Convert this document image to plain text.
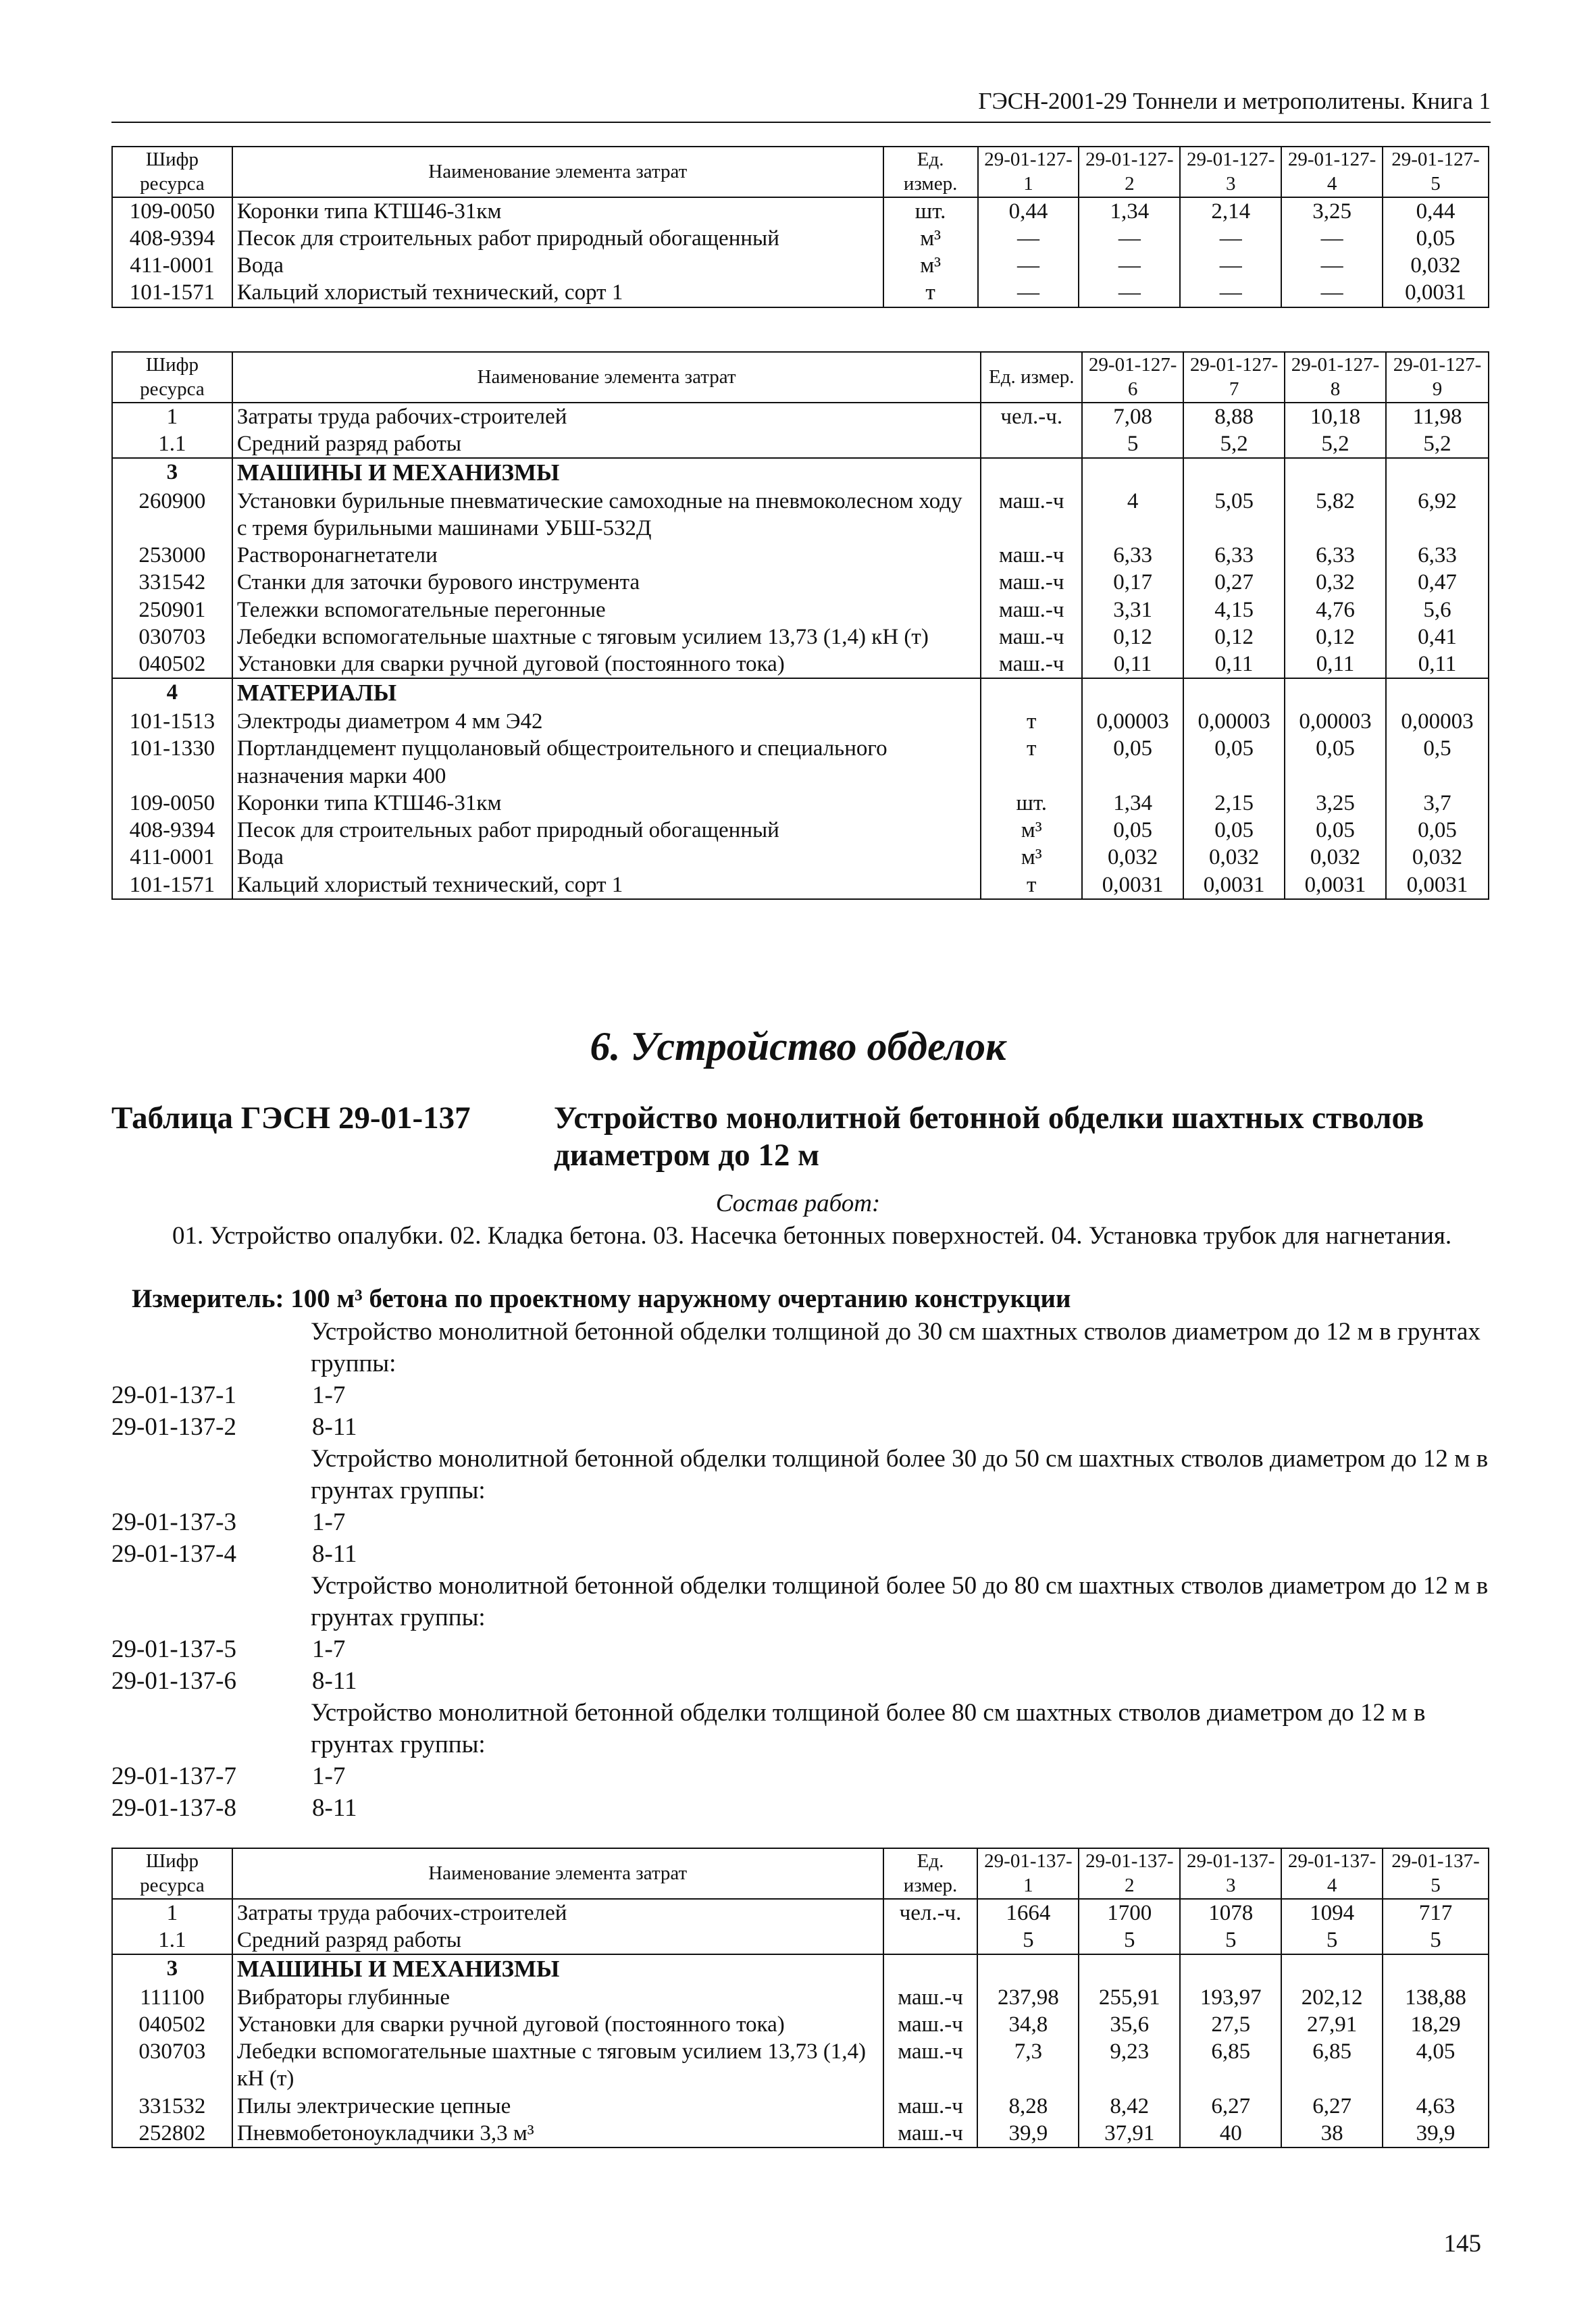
ГЭСН-2001-29 Тоннели и метрополитены. Книга 1
Шифр ресурса	Наименование элемента затрат	Ед. измер.	29-01-127-1	29-01-127-2	29-01-127-3	29-01-127-4	29-01-127-5
109-0050	Коронки типа КТШ46-31км	шт.	0,44	1,34	2,14	3,25	0,44
408-9394	Песок для строительных работ природный обогащенный	м³	—	—	—	—	0,05
411-0001	Вода	м³	—	—	—	—	0,032
101-1571	Кальций хлористый технический, сорт 1	т	—	—	—	—	0,0031
Шифр ресурса	Наименование элемента затрат	Ед. измер.	29-01-127-6	29-01-127-7	29-01-127-8	29-01-127-9
1	Затраты труда рабочих-строителей	чел.-ч.	7,08	8,88	10,18	11,98
1.1	Средний разряд работы		5	5,2	5,2	5,2
3	МАШИНЫ И МЕХАНИЗМЫ					
260900	Установки бурильные пневматические самоходные на пневмоколесном ходу с тремя бурильными машинами УБШ-532Д	маш.-ч	4	5,05	5,82	6,92
253000	Растворонагнетатели	маш.-ч	6,33	6,33	6,33	6,33
331542	Станки для заточки бурового инструмента	маш.-ч	0,17	0,27	0,32	0,47
250901	Тележки вспомогательные перегонные	маш.-ч	3,31	4,15	4,76	5,6
030703	Лебедки вспомогательные шахтные с тяговым усилием 13,73 (1,4) кН (т)	маш.-ч	0,12	0,12	0,12	0,41
040502	Установки для сварки ручной дуговой (постоянного тока)	маш.-ч	0,11	0,11	0,11	0,11
4	МАТЕРИАЛЫ					
101-1513	Электроды диаметром 4 мм Э42	т	0,00003	0,00003	0,00003	0,00003
101-1330	Портландцемент пуццолановый общестроительного и специального назначения марки 400	т	0,05	0,05	0,05	0,5
109-0050	Коронки типа КТШ46-31км	шт.	1,34	2,15	3,25	3,7
408-9394	Песок для строительных работ природный обогащенный	м³	0,05	0,05	0,05	0,05
411-0001	Вода	м³	0,032	0,032	0,032	0,032
101-1571	Кальций хлористый технический, сорт 1	т	0,0031	0,0031	0,0031	0,0031
6. Устройство обделок
Таблица ГЭСН 29-01-137	Устройство монолитной бетонной обделки шахтных стволов диаметром до 12 м
Состав работ:
01. Устройство опалубки. 02. Кладка бетона. 03. Насечка бетонных поверхностей. 04. Установка трубок для нагнетания.
Измеритель: 100 м³ бетона по проектному наружному очертанию конструкции
Устройство монолитной бетонной обделки толщиной до 30 см шахтных стволов диаметром до 12 м в грунтах группы:
29-01-137-1	1-7
29-01-137-2	8-11
Устройство монолитной бетонной обделки толщиной более 30 до 50 см шахтных стволов диаметром до 12 м в грунтах группы:
29-01-137-3	1-7
29-01-137-4	8-11
Устройство монолитной бетонной обделки толщиной более 50 до 80 см шахтных стволов диаметром до 12 м в грунтах группы:
29-01-137-5	1-7
29-01-137-6	8-11
Устройство монолитной бетонной обделки толщиной более 80 см шахтных стволов диаметром до 12 м в грунтах группы:
29-01-137-7	1-7
29-01-137-8	8-11
Шифр ресурса	Наименование элемента затрат	Ед. измер.	29-01-137-1	29-01-137-2	29-01-137-3	29-01-137-4	29-01-137-5
1	Затраты труда рабочих-строителей	чел.-ч.	1664	1700	1078	1094	717
1.1	Средний разряд работы		5	5	5	5	5
3	МАШИНЫ И МЕХАНИЗМЫ						
111100	Вибраторы глубинные	маш.-ч	237,98	255,91	193,97	202,12	138,88
040502	Установки для сварки ручной дуговой (постоянного тока)	маш.-ч	34,8	35,6	27,5	27,91	18,29
030703	Лебедки вспомогательные шахтные с тяговым усилием 13,73 (1,4) кН (т)	маш.-ч	7,3	9,23	6,85	6,85	4,05
331532	Пилы электрические цепные	маш.-ч	8,28	8,42	6,27	6,27	4,63
252802	Пневмобетоноукладчики 3,3 м³	маш.-ч	39,9	37,91	40	38	39,9
145
